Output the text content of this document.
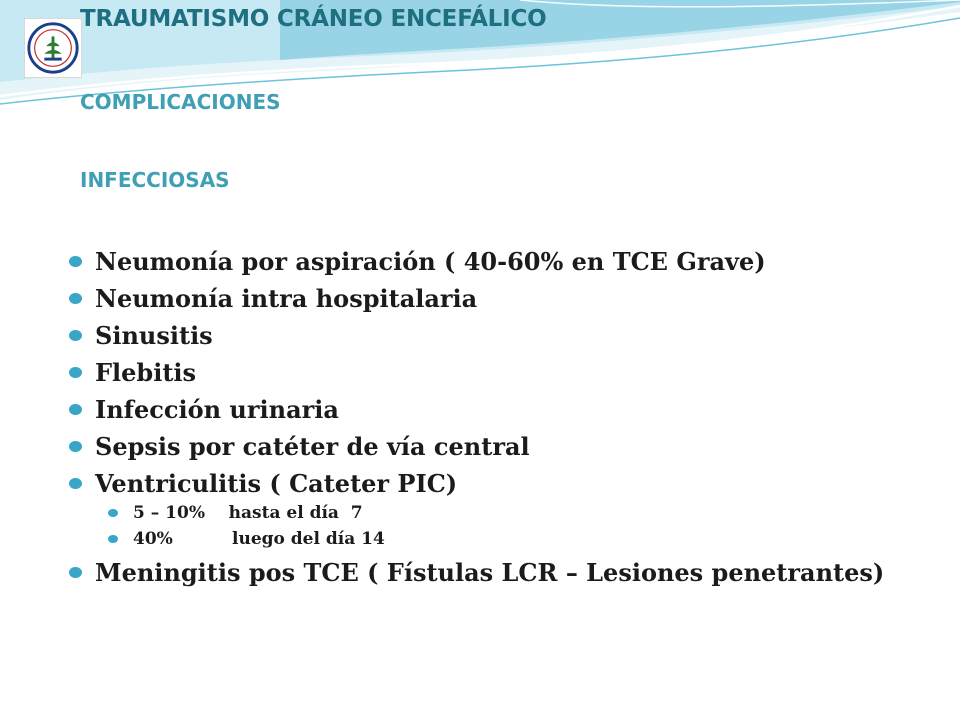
TRAUMATISMO CRÁNEO ENCEFÁLICO
COMPLICACIONES
INFECCIOSAS
Neumonía por aspiración ( 40-60% en TCE Grave)
Neumonía intra hospitalaria
Sinusitis
Flebitis
Infección urinaria
Sepsis por catéter de vía central
Ventriculitis ( Cateter PIC)
5 – 10%    hasta el día  7
40%          luego del día 14
Meningitis pos TCE ( Fístulas LCR – Lesiones penetrantes)
